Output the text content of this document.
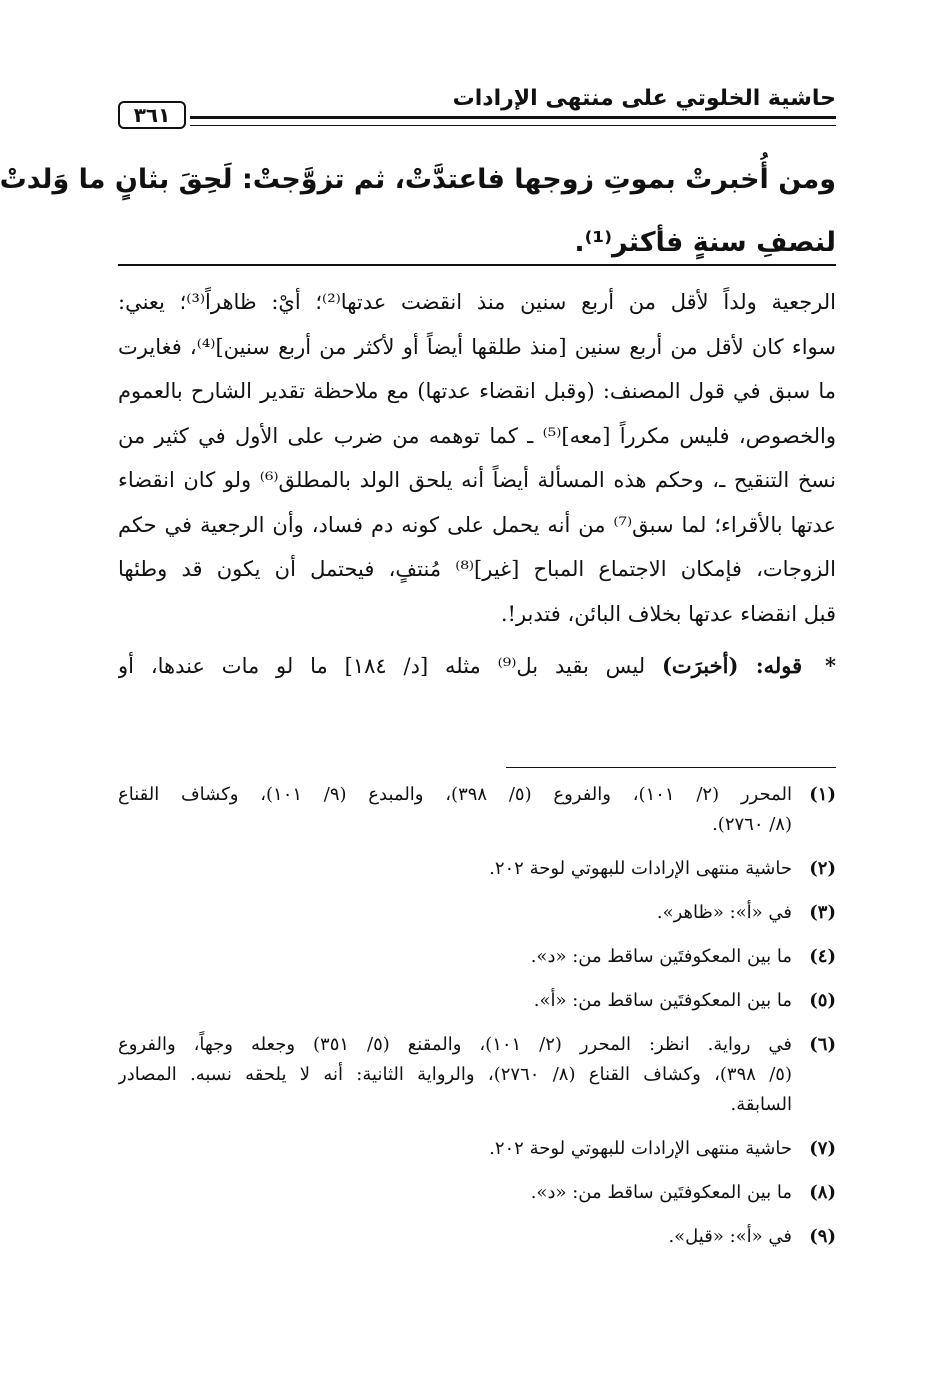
حاشية الخلوتي على منتهى الإرادات
٣٦١
ومن أُخبرتْ بموتِ زوجها فاعتدَّتْ، ثم تزوَّجتْ: لَحِقَ بثانٍ ما وَلدتْ
لنصفِ سنةٍ فأكثر⁽¹⁾.
الرجعية ولداً لأقل من أربع سنين منذ انقضت عدتها⁽²⁾؛ أيْ: ظاهراً⁽³⁾؛ يعني:
سواء كان لأقل من أربع سنين [منذ طلقها أيضاً أو لأكثر من أربع سنين]⁽⁴⁾، فغايرت
ما سبق في قول المصنف: (وقبل انقضاء عدتها) مع ملاحظة تقدير الشارح بالعموم
والخصوص، فليس مكرراً [معه]⁽⁵⁾ ـ كما توهمه من ضرب على الأول في كثير من
نسخ التنقيح ـ، وحكم هذه المسألة أيضاً أنه يلحق الولد بالمطلق⁽⁶⁾ ولو كان انقضاء
عدتها بالأقراء؛ لما سبق⁽⁷⁾ من أنه يحمل على كونه دم فساد، وأن الرجعية في حكم
الزوجات، فإمكان الاجتماع المباح [غير]⁽⁸⁾ مُنتفٍ، فيحتمل أن يكون قد وطئها
قبل انقضاء عدتها بخلاف البائن، فتدبر!.
* قوله: (أخبرَت) ليس بقيد بل⁽⁹⁾ مثله [د/ ١٨٤] ما لو مات عندها، أو
(١)
المحرر (٢/ ١٠١)، والفروع (٥/ ٣٩٨)، والمبدع (٩/ ١٠١)، وكشاف القناع
(٨/ ٢٧٦٠).
(٢)
حاشية منتهى الإرادات للبهوتي لوحة ٢٠٢.
(٣)
في «أ»: «ظاهر».
(٤)
ما بين المعكوفتَين ساقط من: «د».
(٥)
ما بين المعكوفتَين ساقط من: «أ».
(٦)
في رواية. انظر: المحرر (٢/ ١٠١)، والمقنع (٥/ ٣٥١) وجعله وجهاً، والفروع
(٥/ ٣٩٨)، وكشاف القناع (٨/ ٢٧٦٠)، والرواية الثانية: أنه لا يلحقه نسبه. المصادر
السابقة.
(٧)
حاشية منتهى الإرادات للبهوتي لوحة ٢٠٢.
(٨)
ما بين المعكوفتَين ساقط من: «د».
(٩)
في «أ»: «قيل».
